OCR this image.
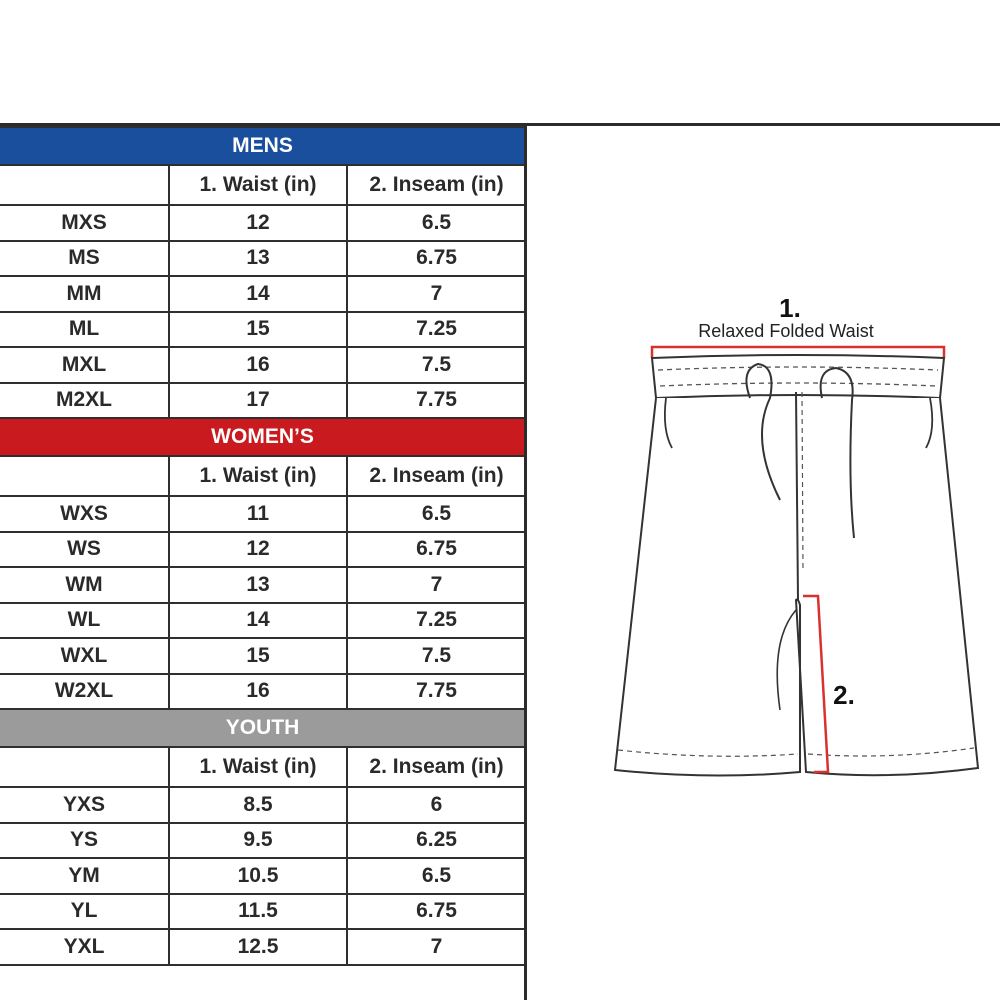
MENS		
	1. Waist (in)	2. Inseam (in)
MXS	12	6.5
MS	13	6.75
MM	14	7
ML	15	7.25
MXL	16	7.5
M2XL	17	7.75
WOMEN’S		
	1. Waist (in)	2. Inseam (in)
WXS	11	6.5
WS	12	6.75
WM	13	7
WL	14	7.25
WXL	15	7.5
W2XL	16	7.75
YOUTH		
	1. Waist (in)	2. Inseam (in)
YXS	8.5	6
YS	9.5	6.25
YM	10.5	6.5
YL	11.5	6.75
YXL	12.5	7
1.
Relaxed Folded Waist
2.
